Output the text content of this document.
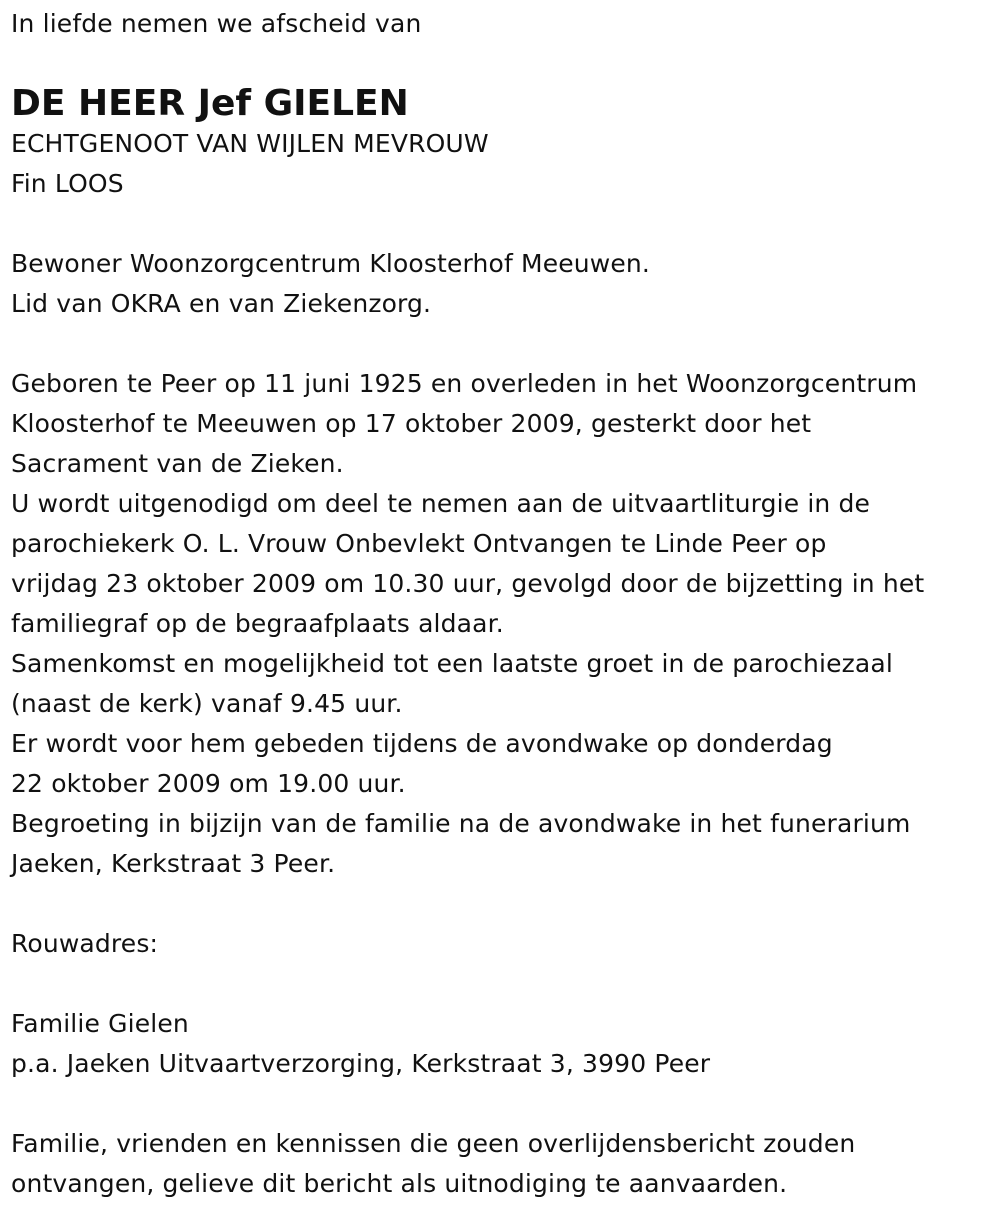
In liefde nemen we afscheid van
DE HEER Jef GIELEN
ECHTGENOOT VAN WIJLEN MEVROUW
Fin LOOS
Bewoner Woonzorgcentrum Kloosterhof Meeuwen.
Lid van OKRA en van Ziekenzorg.
Geboren te Peer op 11 juni 1925 en overleden in het Woonzorgcentrum
Kloosterhof te Meeuwen op 17 oktober 2009, gesterkt door het
Sacrament van de Zieken.
U wordt uitgenodigd om deel te nemen aan de uitvaartliturgie in de
parochiekerk O. L. Vrouw Onbevlekt Ontvangen te Linde Peer op
vrijdag 23 oktober 2009 om 10.30 uur, gevolgd door de bijzetting in het
familiegraf op de begraafplaats aldaar.
Samenkomst en mogelijkheid tot een laatste groet in de parochiezaal
(naast de kerk) vanaf 9.45 uur.
Er wordt voor hem gebeden tijdens de avondwake op donderdag
22 oktober 2009 om 19.00 uur.
Begroeting in bijzijn van de familie na de avondwake in het funerarium
Jaeken, Kerkstraat 3 Peer.
Rouwadres:
Familie Gielen
p.a. Jaeken Uitvaartverzorging, Kerkstraat 3, 3990 Peer
Familie, vrienden en kennissen die geen overlijdensbericht zouden
ontvangen, gelieve dit bericht als uitnodiging te aanvaarden.
